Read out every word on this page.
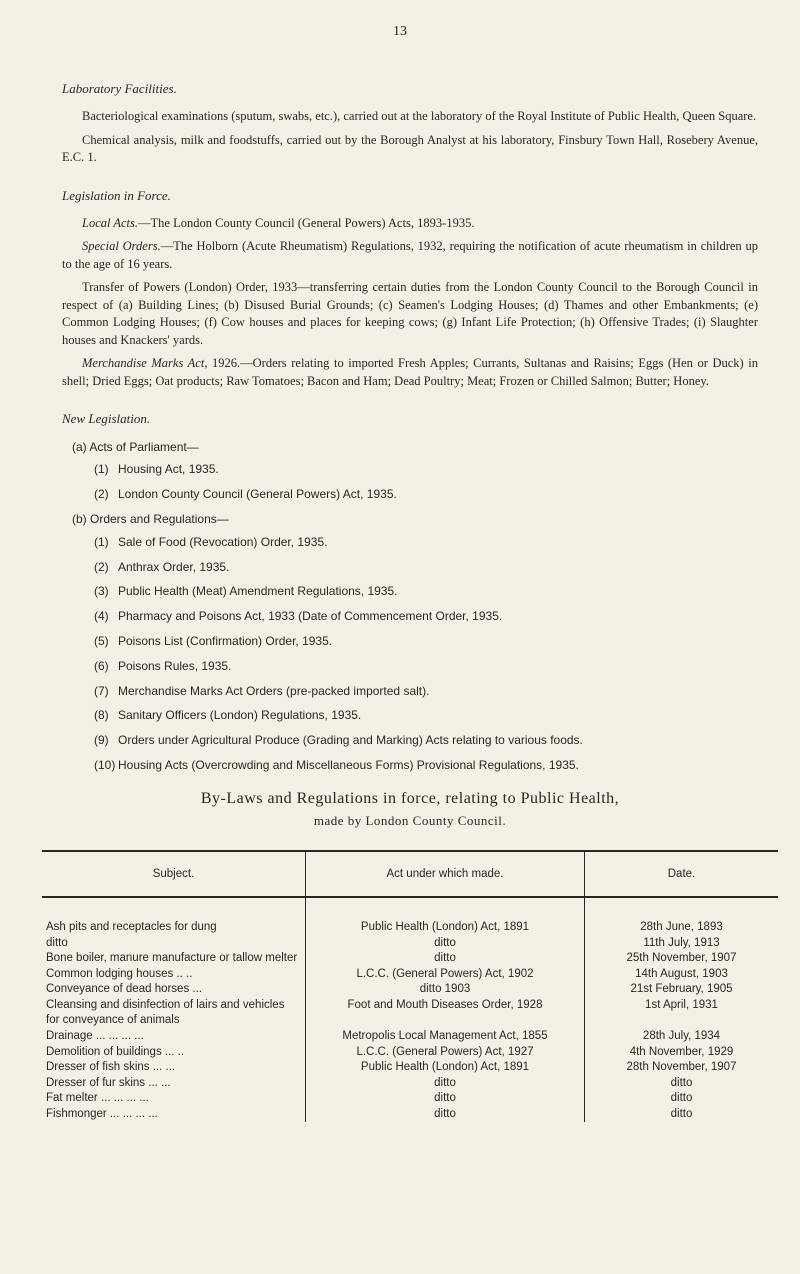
13
Laboratory Facilities.

Bacteriological examinations (sputum, swabs, etc.), carried out at the laboratory of the Royal Institute of Public Health, Queen Square.

Chemical analysis, milk and foodstuffs, carried out by the Borough Analyst at his laboratory, Finsbury Town Hall, Rosebery Avenue, E.C. 1.

Legislation in Force.

Local Acts.—The London County Council (General Powers) Acts, 1893-1935.

Special Orders.—The Holborn (Acute Rheumatism) Regulations, 1932, requiring the notification of acute rheumatism in children up to the age of 16 years.

Transfer of Powers (London) Order, 1933—transferring certain duties from the London County Council to the Borough Council in respect of (a) Building Lines; (b) Disused Burial Grounds; (c) Seamen's Lodging Houses; (d) Thames and other Embankments; (e) Common Lodging Houses; (f) Cow houses and places for keeping cows; (g) Infant Life Protection; (h) Offensive Trades; (i) Slaughter houses and Knackers' yards.

Merchandise Marks Act, 1926.—Orders relating to imported Fresh Apples; Currants, Sultanas and Raisins; Eggs (Hen or Duck) in shell; Dried Eggs; Oat products; Raw Tomatoes; Bacon and Ham; Dead Poultry; Meat; Frozen or Chilled Salmon; Butter; Honey.

New Legislation.
(a) Acts of Parliament—
(1) Housing Act, 1935.
(2) London County Council (General Powers) Act, 1935.
(b) Orders and Regulations—
(1) Sale of Food (Revocation) Order, 1935.
(2) Anthrax Order, 1935.
(3) Public Health (Meat) Amendment Regulations, 1935.
(4) Pharmacy and Poisons Act, 1933 (Date of Commencement Order, 1935.
(5) Poisons List (Confirmation) Order, 1935.
(6) Poisons Rules, 1935.
(7) Merchandise Marks Act Orders (pre-packed imported salt).
(8) Sanitary Officers (London) Regulations, 1935.
(9) Orders under Agricultural Produce (Grading and Marking) Acts relating to various foods.
(10) Housing Acts (Overcrowding and Miscellaneous Forms) Provisional Regulations, 1935.
By-Laws and Regulations in force, relating to Public Health,
made by London County Council.
Subject.	Act under which made.	Date.

Ash pits and receptacles for dung	Public Health (London) Act, 1891	28th June, 1893
ditto	ditto	11th July, 1913
Bone boiler, manure manufacture or tallow melter	ditto	25th November, 1907
Common lodging houses .. ..	L.C.C. (General Powers) Act, 1902	14th August, 1903
Conveyance of dead horses ...	ditto 1903	21st February, 1905
Cleansing and disinfection of lairs and vehicles for conveyance of animals	Foot and Mouth Diseases Order, 1928	1st April, 1931
Drainage ... ... ... ...	Metropolis Local Management Act, 1855	28th July, 1934
Demolition of buildings ... ..	L.C.C. (General Powers) Act, 1927	4th November, 1929
Dresser of fish skins ... ...	Public Health (London) Act, 1891	28th November, 1907
Dresser of fur skins ... ...	ditto	ditto
Fat melter ... ... ... ...	ditto	ditto
Fishmonger ... ... ... ...	ditto	ditto
